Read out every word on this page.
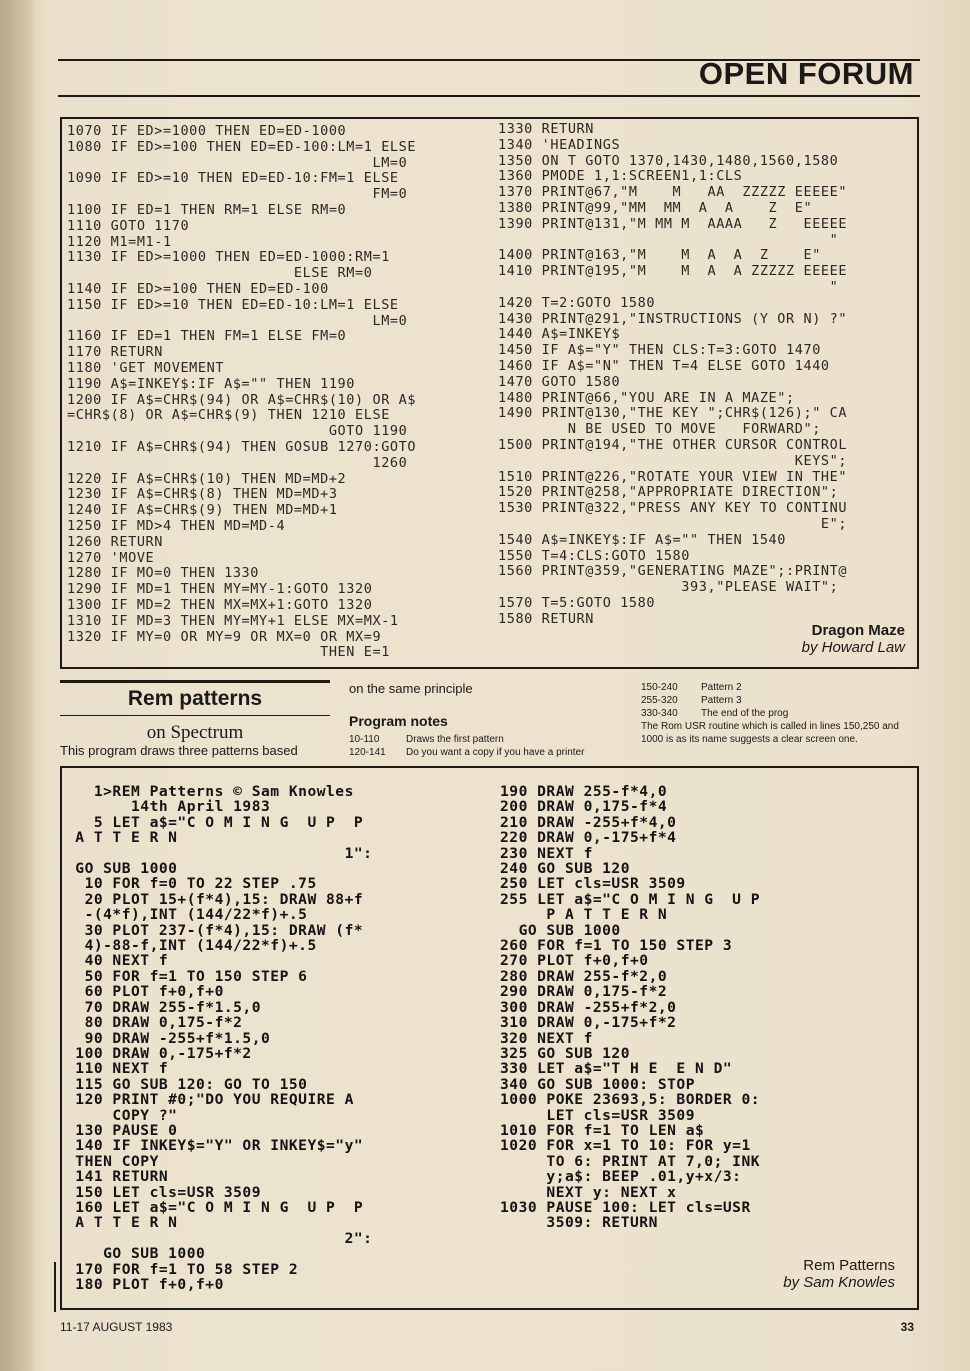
OPEN FORUM
1070 IF ED>=1000 THEN ED=ED-1000
1080 IF ED>=100 THEN ED=ED-100:LM=1 ELSE
LM=0
1090 IF ED>=10 THEN ED=ED-10:FM=1 ELSE
FM=0
1100 IF ED=1 THEN RM=1 ELSE RM=0
1110 GOTO 1170
1120 M1=M1-1
1130 IF ED>=1000 THEN ED=ED-1000:RM=1
ELSE RM=0
1140 IF ED>=100 THEN ED=ED-100
1150 IF ED>=10 THEN ED=ED-10:LM=1 ELSE
LM=0
1160 IF ED=1 THEN FM=1 ELSE FM=0
1170 RETURN
1180 'GET MOVEMENT
1190 A$=INKEY$:IF A$="" THEN 1190
1200 IF A$=CHR$(94) OR A$=CHR$(10) OR A$
=CHR$(8) OR A$=CHR$(9) THEN 1210 ELSE
GOTO 1190
1210 IF A$=CHR$(94) THEN GOSUB 1270:GOTO
1260
1220 IF A$=CHR$(10) THEN MD=MD+2
1230 IF A$=CHR$(8) THEN MD=MD+3
1240 IF A$=CHR$(9) THEN MD=MD+1
1250 IF MD>4 THEN MD=MD-4
1260 RETURN
1270 'MOVE
1280 IF MO=0 THEN 1330
1290 IF MD=1 THEN MY=MY-1:GOTO 1320
1300 IF MD=2 THEN MX=MX+1:GOTO 1320
1310 IF MD=3 THEN MY=MY+1 ELSE MX=MX-1
1320 IF MY=0 OR MY=9 OR MX=0 OR MX=9
THEN E=1
1330 RETURN
1340 'HEADINGS
1350 ON T GOTO 1370,1430,1480,1560,1580
1360 PMODE 1,1:SCREEN1,1:CLS
1370 PRINT@67,"M    M   AA  ZZZZZ EEEEE"
1380 PRINT@99,"MM  MM  A  A    Z  E"
1390 PRINT@131,"M MM M  AAAA   Z   EEEEE
"
1400 PRINT@163,"M    M  A  A  Z    E"
1410 PRINT@195,"M    M  A  A ZZZZZ EEEEE
"
1420 T=2:GOTO 1580
1430 PRINT@291,"INSTRUCTIONS (Y OR N) ?"
1440 A$=INKEY$
1450 IF A$="Y" THEN CLS:T=3:GOTO 1470
1460 IF A$="N" THEN T=4 ELSE GOTO 1440
1470 GOTO 1580
1480 PRINT@66,"YOU ARE IN A MAZE";
1490 PRINT@130,"THE KEY ";CHR$(126);" CA
N BE USED TO MOVE   FORWARD";
1500 PRINT@194,"THE OTHER CURSOR CONTROL
KEYS";
1510 PRINT@226,"ROTATE YOUR VIEW IN THE"
1520 PRINT@258,"APPROPRIATE DIRECTION";
1530 PRINT@322,"PRESS ANY KEY TO CONTINU
E";
1540 A$=INKEY$:IF A$="" THEN 1540
1550 T=4:CLS:GOTO 1580
1560 PRINT@359,"GENERATING MAZE";:PRINT@
393,"PLEASE WAIT";
1570 T=5:GOTO 1580
1580 RETURN
Dragon Maze
by Howard Law
Rem patterns
on Spectrum
This program draws three patterns based
on the same principle
Program notes
10-110	Draws the first pattern
120-141 Do you want a copy if you have a printer
150-240 Pattern 2
255-320 Pattern 3
330-340 The end of the prog
The Rom USR routine which is called in lines 150,250 and 1000 is as its name suggests a clear screen one.
1>REM Patterns © Sam Knowles
14th April 1983
5 LET a$="C O M I N G  U P  P
A T T E R N
1":
GO SUB 1000
10 FOR f=0 TO 22 STEP .75
20 PLOT 15+(f*4),15: DRAW 88+f
-(4*f),INT (144/22*f)+.5
30 PLOT 237-(f*4),15: DRAW (f*
4)-88-f,INT (144/22*f)+.5
40 NEXT f
50 FOR f=1 TO 150 STEP 6
60 PLOT f+0,f+0
70 DRAW 255-f*1.5,0
80 DRAW 0,175-f*2
90 DRAW -255+f*1.5,0
100 DRAW 0,-175+f*2
110 NEXT f
115 GO SUB 120: GO TO 150
120 PRINT #0;"DO YOU REQUIRE A
COPY ?"
130 PAUSE 0
140 IF INKEY$="Y" OR INKEY$="y"
THEN COPY
141 RETURN
150 LET cls=USR 3509
160 LET a$="C O M I N G  U P  P
A T T E R N
2":
GO SUB 1000
170 FOR f=1 TO 58 STEP 2
180 PLOT f+0,f+0
190 DRAW 255-f*4,0
200 DRAW 0,175-f*4
210 DRAW -255+f*4,0
220 DRAW 0,-175+f*4
230 NEXT f
240 GO SUB 120
250 LET cls=USR 3509
255 LET a$="C O M I N G  U P
P A T T E R N
GO SUB 1000
260 FOR f=1 TO 150 STEP 3
270 PLOT f+0,f+0
280 DRAW 255-f*2,0
290 DRAW 0,175-f*2
300 DRAW -255+f*2,0
310 DRAW 0,-175+f*2
320 NEXT f
325 GO SUB 120
330 LET a$="T H E  E N D"
340 GO SUB 1000: STOP
1000 POKE 23693,5: BORDER 0:
LET cls=USR 3509
1010 FOR f=1 TO LEN a$
1020 FOR x=1 TO 10: FOR y=1
TO 6: PRINT AT 7,0; INK
y;a$: BEEP .01,y+x/3:
NEXT y: NEXT x
1030 PAUSE 100: LET cls=USR
3509: RETURN
Rem Patterns
by Sam Knowles
11-17 AUGUST 1983	33
